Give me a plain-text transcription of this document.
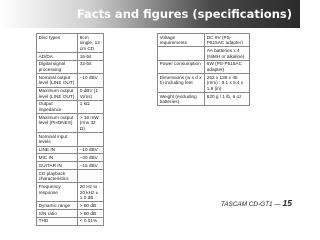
Facts and figures (specifications)
Disc types	8cm single, 12 cm CD
AD/DA	16-bit
Digital signal processing	32-bit
Nominal output level (LINE OUT)	–10 dBV
Maximum output level (LINE OUT)	0 dBV (1 Vrms)
Output impedance	1 kΩ
Maximum output level (PHONES)	> 18 mW (rms 32 Ω)
Nominal input levels	
LINE IN	–10 dBV
MIC IN	–40 dBV
GUITAR IN	–15 dBV
CD playback characteristics	
Frequency response	20 Hz to 20 kHz ± 1.0 dB
Dynamic range	> 80 dB
S/N ratio	> 80 dB
THD	< 0.01%
Voltage requirements	DC 9V (PS-P515AC adapter)
	AA batteries x 4 (NiMH or alkaline)
Power consumption	6W (PS-P515AC adapter)
Dimensions (w x d x h) including feet	252 x 138 x 45 (mm) : 9.1 x 5.4 x 1.8 (in)
Weight (excluding batteries)	620 g / 1 lb, 6 oz
TASCAM CD-GT1 — 15
